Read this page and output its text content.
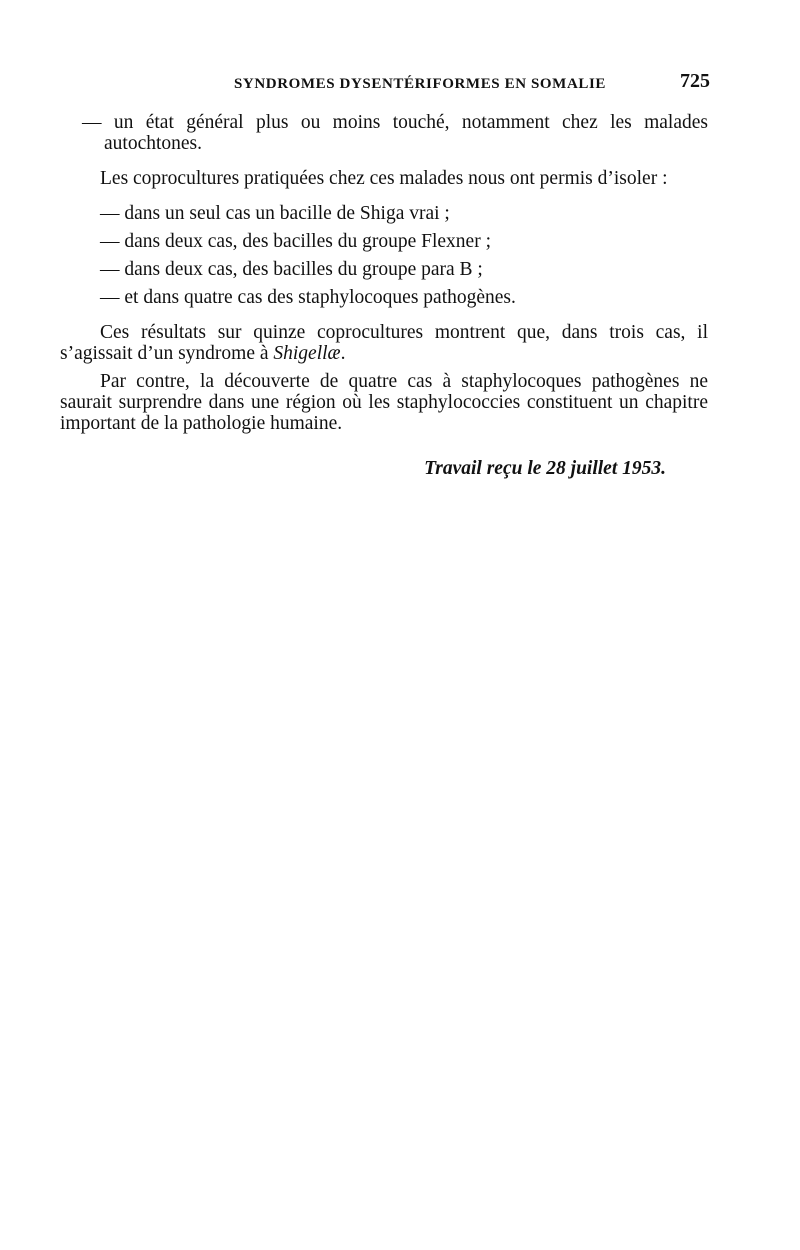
SYNDROMES DYSENTÉRIFORMES EN SOMALIE	725

— un état général plus ou moins touché, notamment chez les malades autochtones.

Les coprocultures pratiquées chez ces malades nous ont permis d’isoler :

— dans un seul cas un bacille de Shiga vrai ;

— dans deux cas, des bacilles du groupe Flexner ;

— dans deux cas, des bacilles du groupe para B ;

— et dans quatre cas des staphylocoques pathogènes.

Ces résultats sur quinze coprocultures montrent que, dans trois cas, il s’agissait d’un syndrome à Shigellæ.

Par contre, la découverte de quatre cas à staphylocoques pathogènes ne saurait surprendre dans une région où les staphylococcies constituent un chapitre important de la pathologie humaine.

Travail reçu le 28 juillet 1953.
